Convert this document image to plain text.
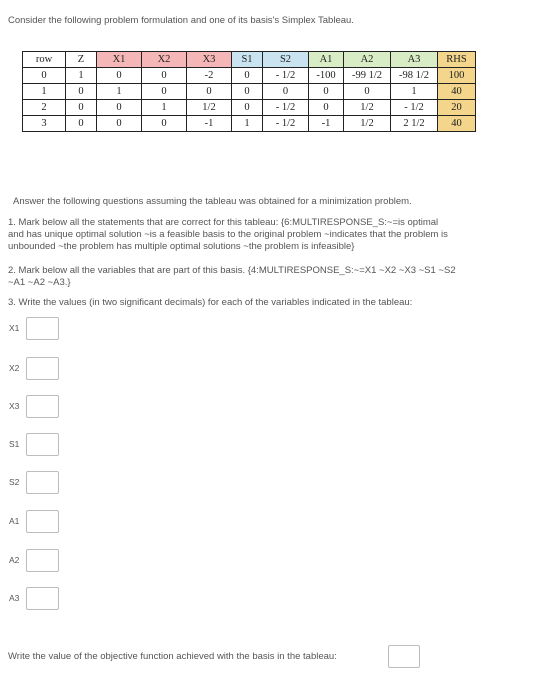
Consider the following problem formulation and one of its basis's Simplex Tableau.
row	Z	X1	X2	X3	S1	S2	A1	A2	A3	RHS
0	1	0	0	-2	0	- 1/2	-100	-99 1/2	-98 1/2	100
1	0	1	0	0	0	0	0	0	1	40
2	0	0	1	1/2	0	- 1/2	0	1/2	- 1/2	20
3	0	0	0	-1	1	- 1/2	-1	1/2	2 1/2	40
Answer the following questions assuming the tableau was obtained for a minimization problem.
1. Mark below all the statements that are correct for this tableau: {6:MULTIRESPONSE_S:~=is optimal
and has unique optimal solution ~is a feasible basis to the original problem ~indicates that the problem is
unbounded ~the problem has multiple optimal solutions ~the problem is infeasible}
2. Mark below all the variables that are part of this basis. {4:MULTIRESPONSE_S:~=X1 ~X2 ~X3 ~S1 ~S2
~A1 ~A2 ~A3.}
3. Write the values (in two significant decimals) for each of the variables indicated in the tableau:
X1
X2
X3
S1
S2
A1
A2
A3
Write the value of the objective function achieved with the basis in the tableau:
